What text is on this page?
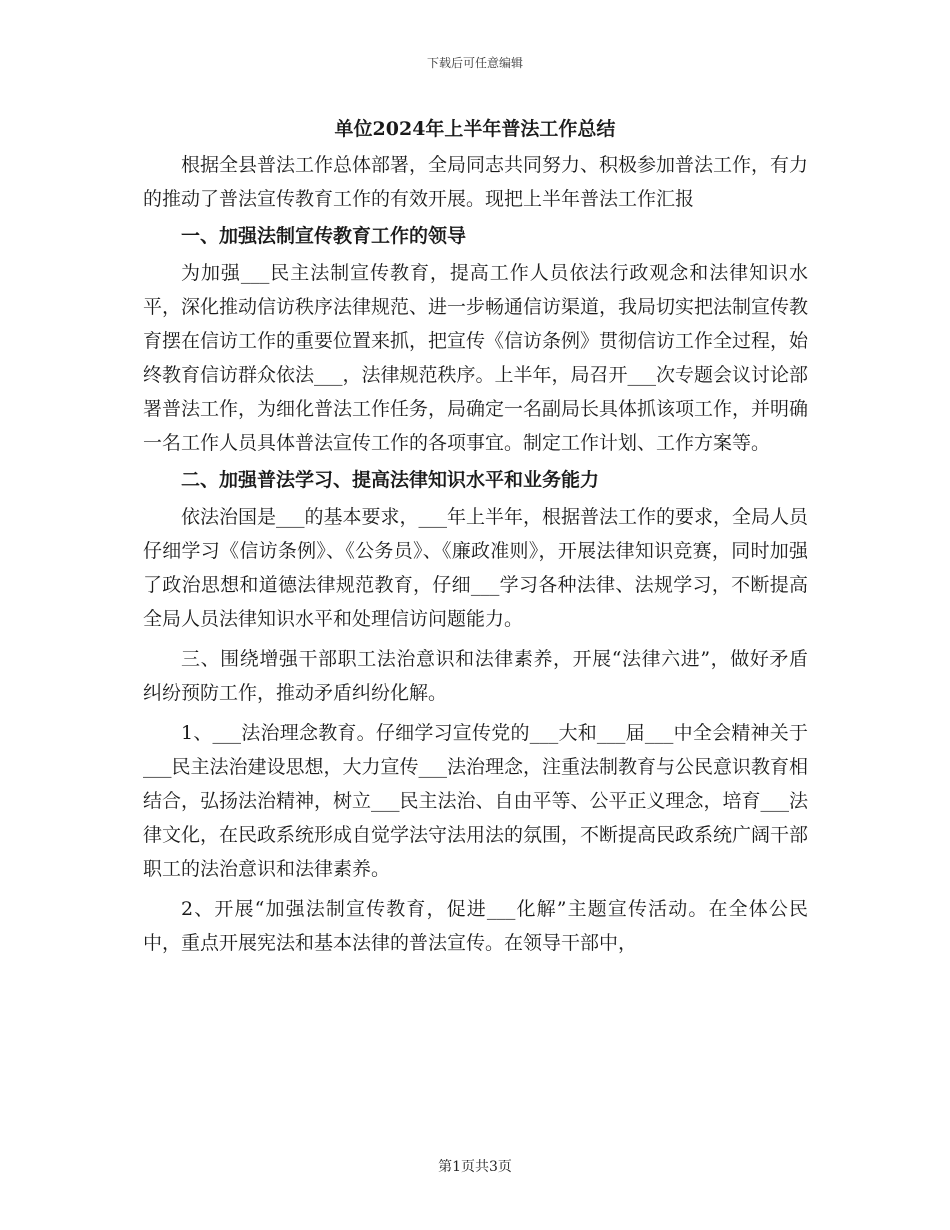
下载后可任意编辑
单位2024年上半年普法工作总结

根据全县普法工作总体部署，全局同志共同努力、积极参加普法工作，有力的推动了普法宣传教育工作的有效开展。现把上半年普法工作汇报

一、加强法制宣传教育工作的领导

为加强___民主法制宣传教育，提高工作人员依法行政观念和法律知识水平，深化推动信访秩序法律规范、进一步畅通信访渠道，我局切实把法制宣传教育摆在信访工作的重要位置来抓，把宣传《信访条例》贯彻信访工作全过程，始终教育信访群众依法___，法律规范秩序。上半年，局召开___次专题会议讨论部署普法工作，为细化普法工作任务，局确定一名副局长具体抓该项工作，并明确一名工作人员具体普法宣传工作的各项事宜。制定工作计划、工作方案等。

二、加强普法学习、提高法律知识水平和业务能力

依法治国是___的基本要求，___年上半年，根据普法工作的要求，全局人员仔细学习《信访条例》、《公务员》、《廉政准则》，开展法律知识竞赛，同时加强了政治思想和道德法律规范教育，仔细___学习各种法律、法规学习，不断提高全局人员法律知识水平和处理信访问题能力。

三、围绕增强干部职工法治意识和法律素养，开展“法律六进”，做好矛盾纠纷预防工作，推动矛盾纠纷化解。

1、___法治理念教育。仔细学习宣传党的___大和___届___中全会精神关于___民主法治建设思想，大力宣传___法治理念，注重法制教育与公民意识教育相结合，弘扬法治精神，树立___民主法治、自由平等、公平正义理念，培育___法律文化，在民政系统形成自觉学法守法用法的氛围，不断提高民政系统广阔干部职工的法治意识和法律素养。

2、开展“加强法制宣传教育，促进___化解”主题宣传活动。在全体公民中，重点开展宪法和基本法律的普法宣传。在领导干部中，

第1页共3页
